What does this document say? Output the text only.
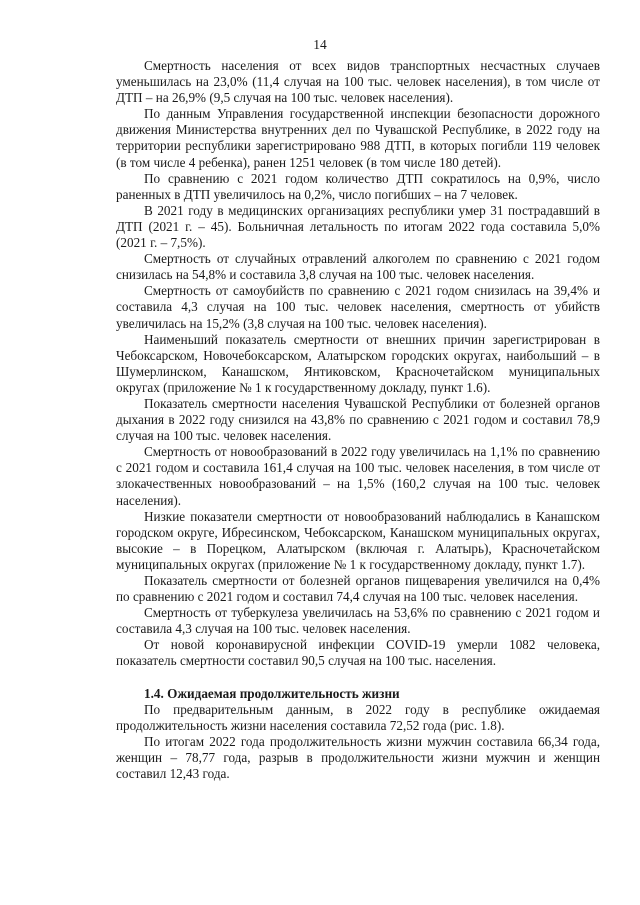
14

Смертность населения от всех видов транспортных несчастных случаев уменьшилась на 23,0% (11,4 случая на 100 тыс. человек населения), в том числе от ДТП – на 26,9% (9,5 случая на 100 тыс. человек населения).

По данным Управления государственной инспекции безопасности дорожного движения Министерства внутренних дел по Чувашской Республике, в 2022 году на территории республики зарегистрировано 988 ДТП, в которых погибли 119 человек (в том числе 4 ребенка), ранен 1251 человек (в том числе 180 детей).

По сравнению с 2021 годом количество ДТП сократилось на 0,9%, число раненных в ДТП увеличилось на 0,2%, число погибших – на 7 человек.

В 2021 году в медицинских организациях республики умер 31 пострадавший в ДТП (2021 г. – 45). Больничная летальность по итогам 2022 года составила 5,0% (2021 г. – 7,5%).

Смертность от случайных отравлений алкоголем по сравнению с 2021 годом снизилась на 54,8% и составила 3,8 случая на 100 тыс. человек населения.

Смертность от самоубийств по сравнению с 2021 годом снизилась на 39,4% и составила 4,3 случая на 100 тыс. человек населения, смертность от убийств увеличилась на 15,2% (3,8 случая на 100 тыс. человек населения).

Наименьший показатель смертности от внешних причин зарегистрирован в Чебоксарском, Новочебоксарском, Алатырском городских округах, наибольший – в Шумерлинском, Канашском, Янтиковском, Красночетайском муниципальных округах (приложение № 1 к государственному докладу, пункт 1.6).

Показатель смертности населения Чувашской Республики от болезней органов дыхания в 2022 году снизился на 43,8% по сравнению с 2021 годом и составил 78,9 случая на 100 тыс. человек населения.

Смертность от новообразований в 2022 году увеличилась на 1,1% по сравнению с 2021 годом и составила 161,4 случая на 100 тыс. человек населения, в том числе от злокачественных новообразований – на 1,5% (160,2 случая на 100 тыс. человек населения).

Низкие показатели смертности от новообразований наблюдались в Канашском городском округе, Ибресинском, Чебоксарском, Канашском муниципальных округах, высокие – в Порецком, Алатырском (включая г. Алатырь), Красночетайском муниципальных округах (приложение № 1 к государственному докладу, пункт 1.7).

Показатель смертности от болезней органов пищеварения увеличился на 0,4% по сравнению с 2021 годом и составил 74,4 случая на 100 тыс. человек населения.

Смертность от туберкулеза увеличилась на 53,6% по сравнению с 2021 годом и составила 4,3 случая на 100 тыс. человек населения.

От новой коронавирусной инфекции COVID-19 умерли 1082 человека, показатель смертности составил 90,5 случая на 100 тыс. населения.

1.4. Ожидаемая продолжительность жизни

По предварительным данным, в 2022 году в республике ожидаемая продолжительность жизни населения составила 72,52 года (рис. 1.8).

По итогам 2022 года продолжительность жизни мужчин составила 66,34 года, женщин – 78,77 года, разрыв в продолжительности жизни мужчин и женщин составил 12,43 года.
